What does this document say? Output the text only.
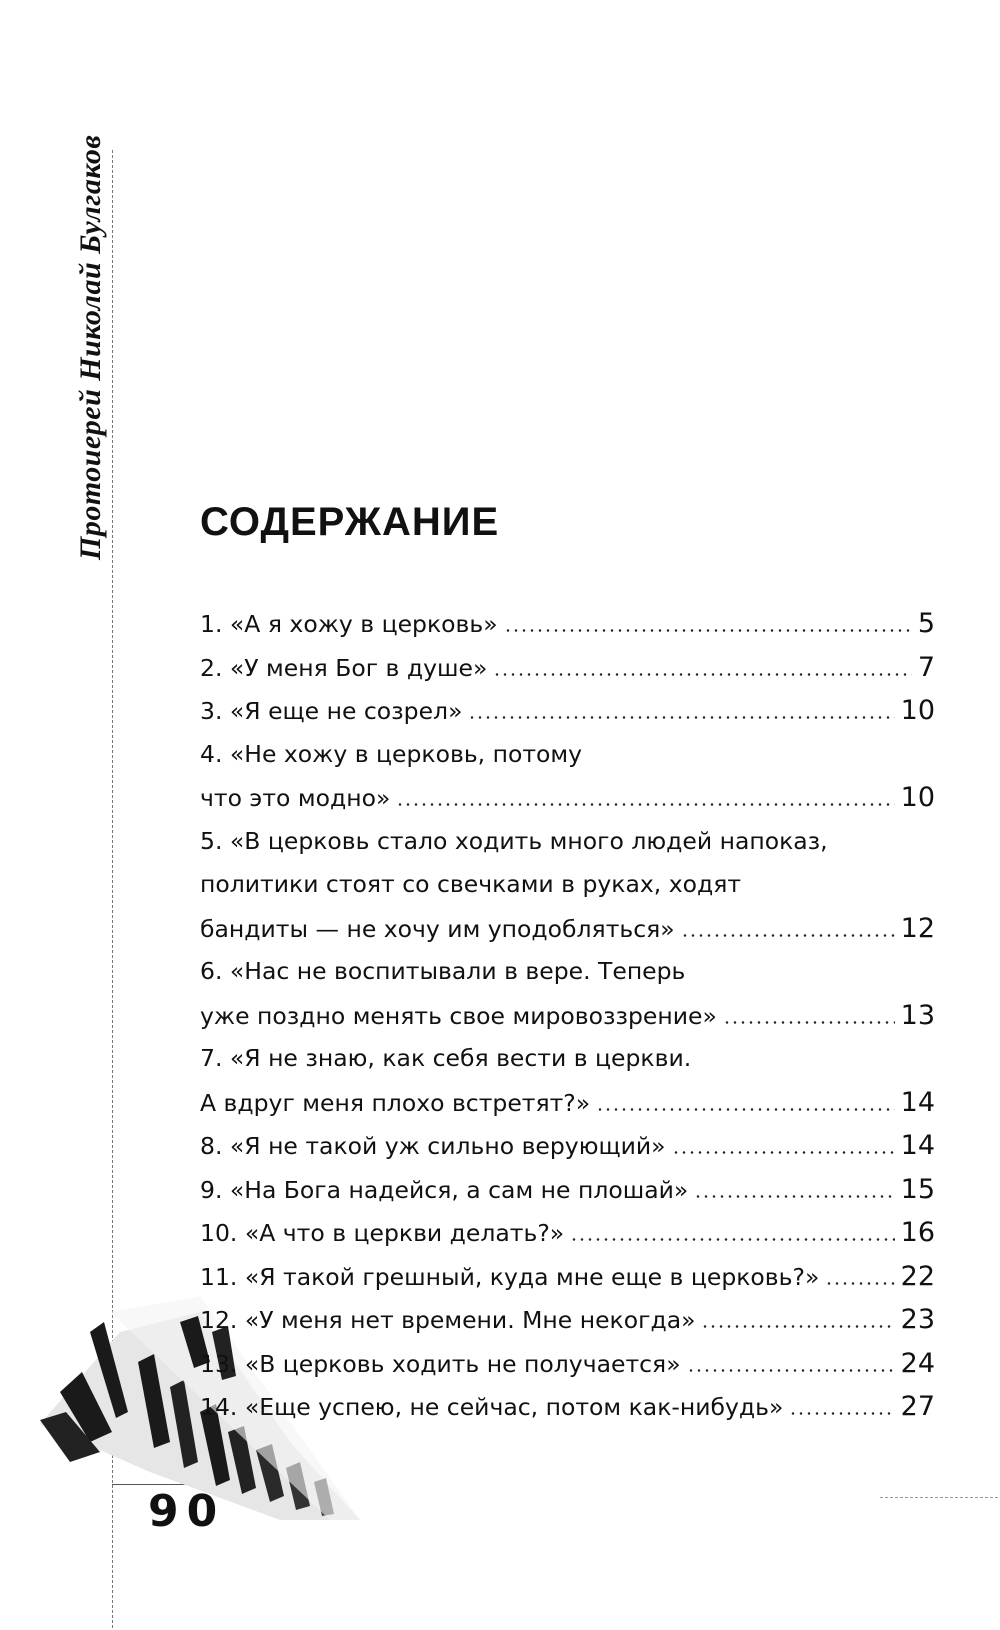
Протоиерей Николай Булгаков СОДЕРЖАНИЕ
1. «А я хожу в церковь»	5
2. «У меня Бог в душе»	7
3. «Я еще не созрел»	10
4. «Не хожу в церковь, потому
что это модно»	10
5. «В церковь стало ходить много людей напоказ,
политики стоят со свечками в руках, ходят
бандиты — не хочу им уподобляться»	12
6. «Нас не воспитывали в вере. Теперь
уже поздно менять свое мировоззрение»	13
7. «Я не знаю, как себя вести в церкви.
А вдруг меня плохо встретят?»	14
8. «Я не такой уж сильно верующий»	14
9. «На Бога надейся, а сам не плошай»	15
10. «А что в церкви делать?»	16
11. «Я такой грешный, куда мне еще в церковь?»	22
12. «У меня нет времени. Мне некогда»	23
13. «В церковь ходить не получается»	24
14. «Еще успею, не сейчас, потом как-нибудь»	27
90
